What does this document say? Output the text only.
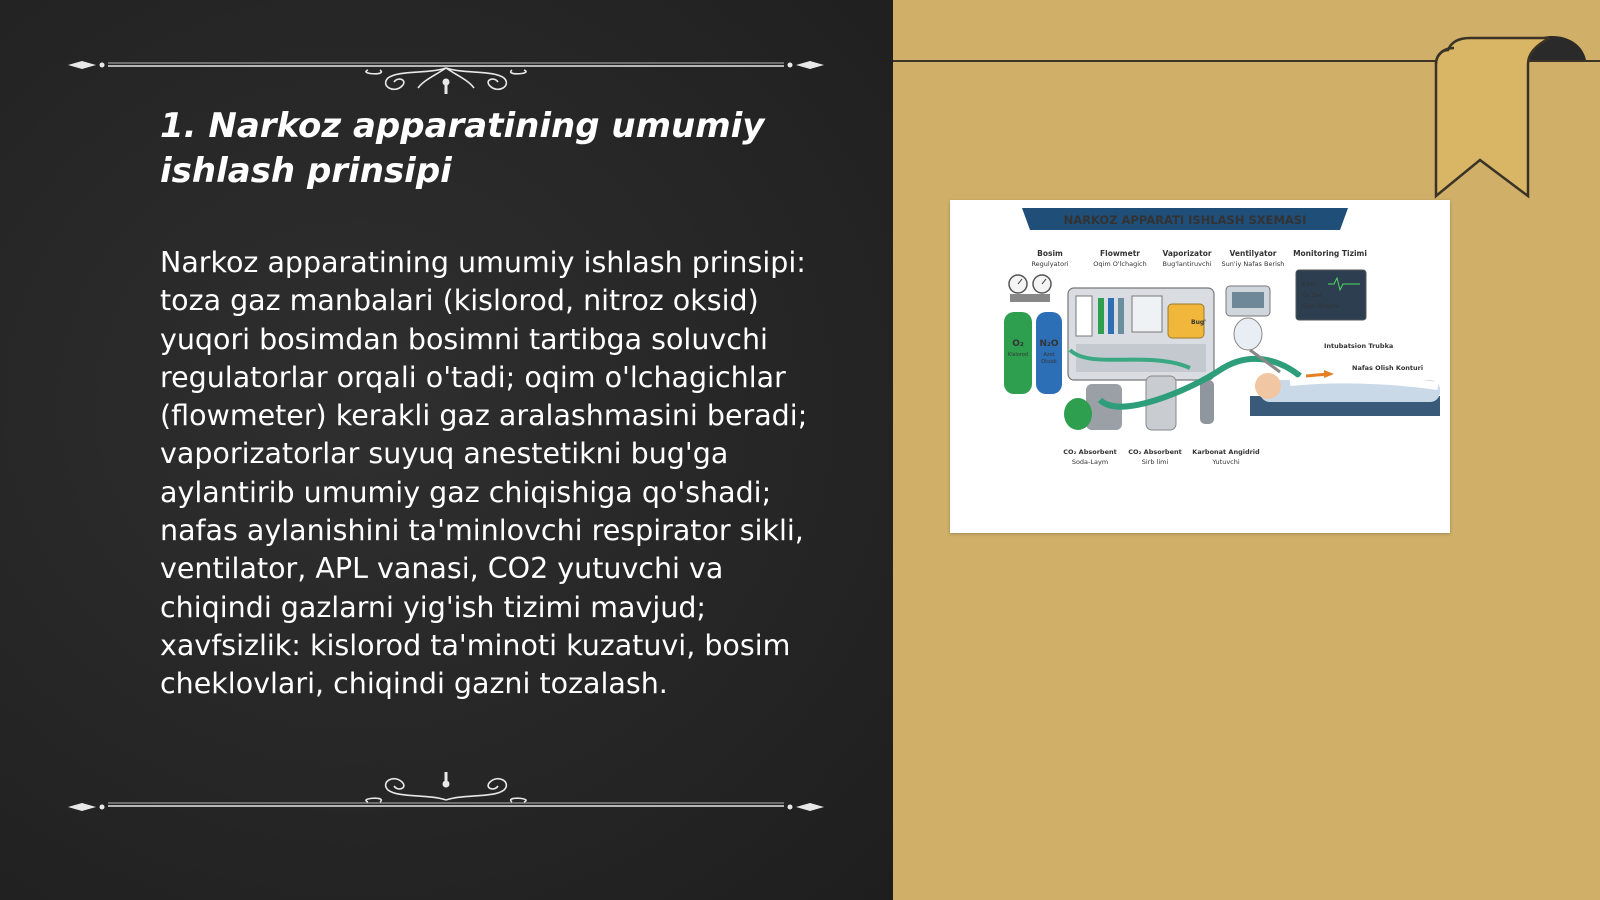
1. Narkoz apparatining umumiy ishlash prinsipi

Narkoz apparatining umumiy ishlash prinsipi: toza gaz manbalari (kislorod, nitroz oksid) yuqori bosimdan bosimni tartibga soluvchi regulatorlar orqali o'tadi; oqim o'lchagichlar (flowmeter) kerakli gaz aralashmasini beradi; vaporizatorlar suyuq anestetikni bug'ga aylantirib umumiy gaz chiqishiga qo'shadi; nafas aylanishini ta'minlovchi respirator sikli, ventilator, APL vanasi, CO2 yutuvchi va chiqindi gazlarni yig'ish tizimi mavjud; xavfsizlik: kislorod ta'minoti kuzatuvi, bosim cheklovlari, chiqindi gazni tozalash.

NARKOZ APPARATI ISHLASH SXEMASI
Bosim	Flowmetr	Vaporizator Ventilyator Monitoring Tizimi
Regulyatori	Oqim O'lchagich Bug'lantiruvchi Sun'iy Nafas Berish
O₂
Kislorod
N₂O
Azot
Oksidi
Bug'
EKG
O₂ Sat
Qon Bosimi
Intubatsion Trubka
Nafas Olish Konturi
CO₂ Absorbent
Soda-Laym
CO₂ Absorbent
Sirb limi
Karbonat Angidrid
Yutuvchi
